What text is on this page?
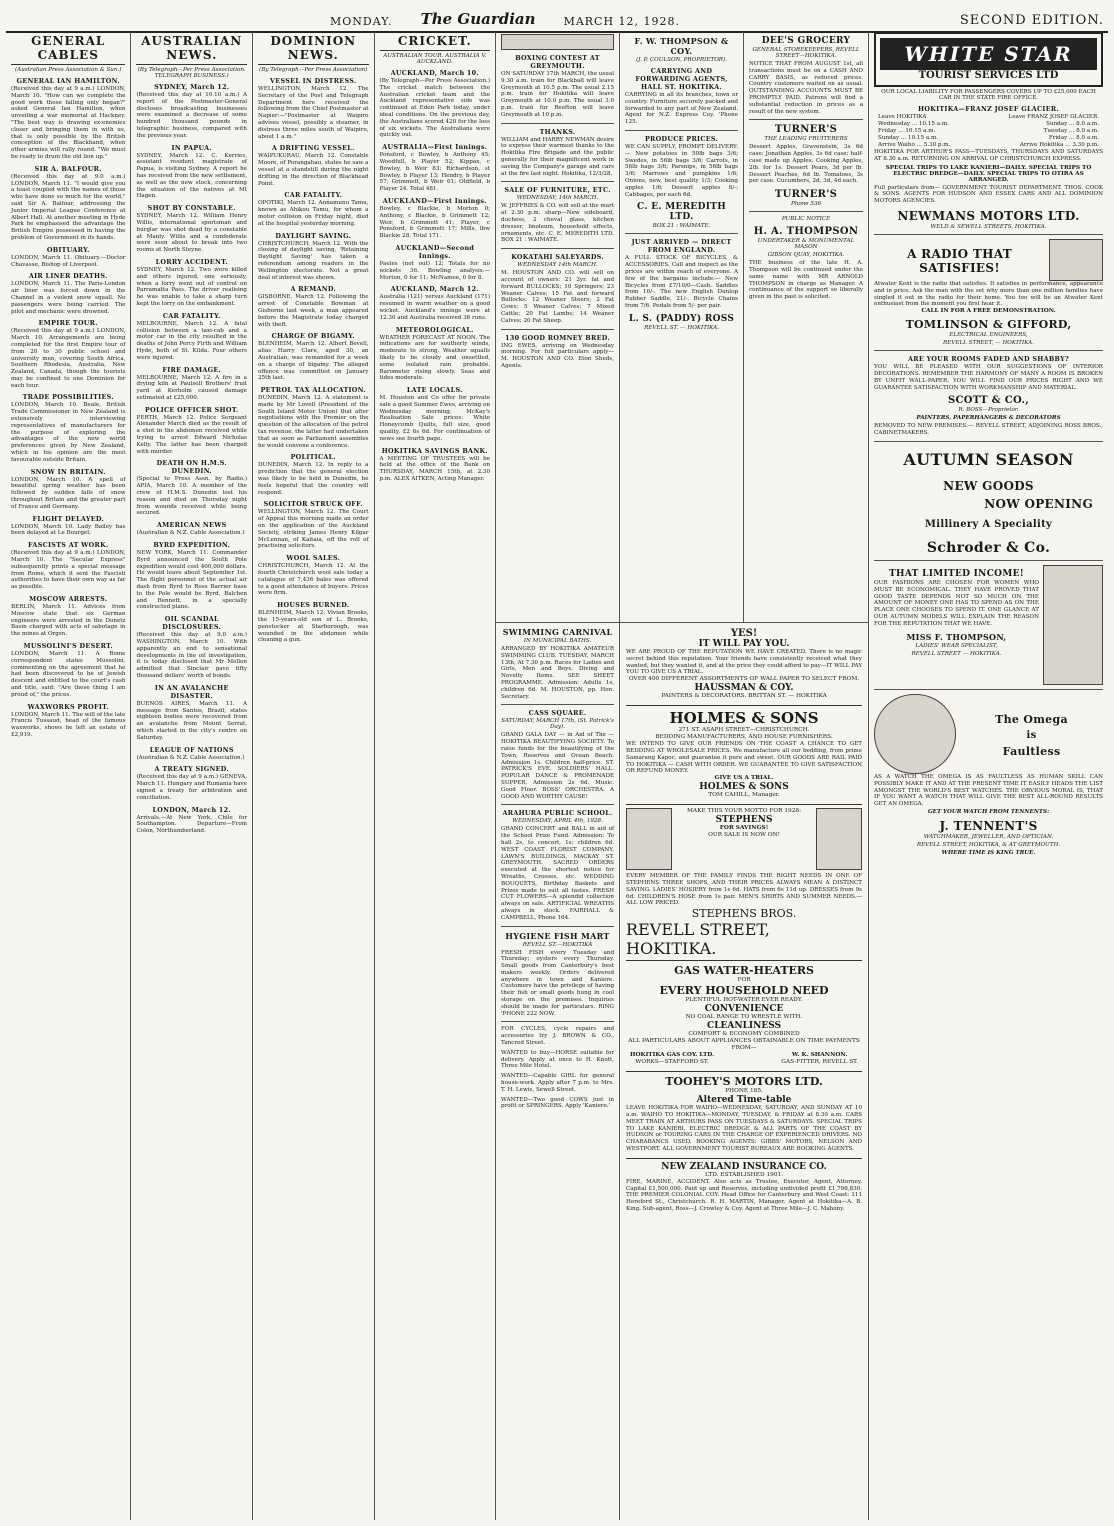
MONDAY. The Guardian	MARCH 12, 1928.	SECOND EDITION.
GENERAL CABLES
(Australian Press Association & Sun.)
GENERAL IAN HAMILTON.

(Received this day at 9 a.m.) LONDON, March 10. "How can we complete the good work those falling only began?" asked General Ian Hamilton, when unveiling a war memorial at Hackney. "The best way is drawing ex-enemies closer and bringing them in with us, that is only possible by the British conception of the Blackhand, when other armies will rally round. "We must be ready to drum the old lion up."

SIR A. BALFOUR.

(Received this day at 9.0 a.m.) LONDON, March 11. "I would give you a toast coupled with the names of those who have done so much for the world," said Sir A. Balfour, addressing the Junior Imperial League Conference at Albert Hall. At another meeting in Hyde Park he emphasised the advantage the British Empire possessed in having the problem of Government in its hands.

OBITUARY.

LONDON, March 11. Obituary.—Doctor Chavasse, Bishop of Liverpool.

AIR LINER DEATHS.

LONDON, March 11. The Paris-London air liner was forced down in the Channel in a violent snow squall. No passengers were being carried. The pilot and mechanic were drowned.

EMPIRE TOUR.

(Received this day at 9 a.m.) LONDON, March 10. Arrangements are being completed for the first Empire tour of from 20 to 30 public school and university men, covering South Africa, Southern Rhodesia, Australia, New Zealand, Canada, though the tourists may be confined to one Dominion for each tour.

TRADE POSSIBILITIES.

LONDON, March 10. Beale, British Trade Commissioner in New Zealand is extensively interviewing representatives of manufacturers for the purpose of exploring the advantages of the new world preferences given by New Zealand, which in his opinion are the most favourable outside Britain.

SNOW IN BRITAIN.

LONDON, March 10. A spell of beautiful spring weather has been followed by sudden falls of snow throughout Britain and the greater part of France and Germany.

FLIGHT DELAYED.

LONDON, March 10. Lady Bailey has been delayed at Le Bourget.

FASCISTS AT WORK.

(Received this day at 9 a.m.) LONDON, March 10. The "Secular Express" subsequently prints a special message from Rome, which it sent the Fascisti authorities to have their own way as far as possible.

MOSCOW ARRESTS.

BERLIN, March 11. Advices from Moscow state that six German engineers were arrested in the Donetz Basin charged with acts of sabotage in the mines at Orgsn.

MUSSOLINI'S DESERT.

LONDON, March 11. A Rome correspondent states Mussolini, commenting on the agreement that he had been discovered to be of Jewish descent and entitled to the court's cash and title, said: "Are these thing I am proud of," the prices.

WAXWORKS PROFIT.

LONDON, March 11. The will of the late Francis Tussaud, head of the famous waxworks, shows he left an estate of £2,919.

AUSTRALIAN NEWS.
(By Telegraph—Per Press Association. TELEGRAPH BUSINESS.)
SYDNEY, March 12.

(Received this day at 10.10 a.m.) A report of the Postmaster-General discloses broadcasting businesses were examined a decrease of some hundred thousand pounds in telegraphic business, compared with the previous year.

IN PAPUA.

SYDNEY, March 12. C. Kerries, assistant resident magistrate of Papua, is visiting Sydney. A report he has received from the new settlement, as well as the new stock, concerning the situation of the natives at Mt Hagen.

SHOT BY CONSTABLE.

SYDNEY, March 12. William Henry Willis, international sportsman and burglar was shot dead by a constable at Manly. Willis and a confederate were seen about to break into two rooms at North Steyne.

LORRY ACCIDENT.

SYDNEY, March 12. Two were killed and others injured, one seriously, when a lorry went out of control on Parramatta Pass. The driver realising he was unable to take a sharp turn kept the lorry on the embankment.

CAR FATALITY.

MELBOURNE, March 12. A fatal collision between a taxi-cab and a motor car in the city resulted in the deaths of John Percy Firth and William Hyde, both of St. Kilda. Four others were injured.

FIRE DAMAGE.

MELBOURNE, March 12. A fire in a drying kiln at Paulsell Brothers' fruit yard at Kerholm caused damage estimated at £25,000.

POLICE OFFICER SHOT.

PERTH, March 12. Police Sergeant Alexander March died as the result of a shot in the abdomen received while trying to arrest Edward Nicholas Kelly. The latter has been charged with murder.

DEATH ON H.M.S. DUNEDIN.

(Special to Press Assn. by Radio.) APIA, March 10. A member of the crew of H.M.S. Dunedin lost his reason and died on Thursday night from wounds received while being secured.

AMERICAN NEWS

(Australian & N.Z. Cable Association.)

BYRD EXPEDITION.

NEW YORK, March 11. Commander Byrd announced the South Pole expedition would cost 400,000 dollars. He would leave about September 1st. The flight personnel of the actual air dash from Byrd to Ross Barrier base to the Pole would be Byrd, Balchen and Bennett, in a specially constructed plane.

OIL SCANDAL DISCLOSURES.

(Received this day at 9.0 a.m.) WASHINGTON, March 10. With apparently an end to sensational developments in the oil investigation, it is today disclosed that Mr Mellon admitted that Sinclair gave fifty thousand dollars' worth of bonds.

IN AN AVALANCHE DISASTER.

BUENOS AIRES, March 11. A message from Santos, Brazil, states eighteen bodies were recovered from an avalanche from Mount Serrat, which started in the city's centre on Saturday.

LEAGUE OF NATIONS

(Australian & N.Z. Cable Association.)

A TREATY SIGNED.

(Received this day at 9 a.m.) GENEVA, March 11. Hungary and Rumania have signed a treaty for arbitration and conciliation.

LONDON, March 12.

Arrivals.—At New York, Chile for Southampton. Departure—From Colon, Northumberland.

DOMINION NEWS.
(By Telegraph—Per Press Association)
VESSEL IN DISTRESS.

WELLINGTON, March 12. The Secretary of the Post and Telegraph Department here received the following from the Chief Postmaster at Napier:—"Postmaster at Waipiro advises vessel, possibly a steamer, in distress three miles south of Waipiro, about 1 a.m."

A DRIFTING VESSEL.

WAIPUKURAU, March 12. Constable Moore, of Porangahau, states he saw a vessel at a standstill during the night drifting in the direction of Blackhead Point.

CAR FATALITY.

OPOTIKI, March 12. Annamunu Tamu, known as Ahikou Tamu, for whom a motor collision on Friday night, died at the hospital yesterday morning.

DAYLIGHT SAVING.

CHRISTCHURCH, March 12. With the closing of daylight saving, 'Retaining Daylight Saving' has taken a referendum among readers in the Wellington electorate. Not a great deal of interest was shown.

A REMAND.

GISBORNE, March 12. Following the arrest of Constable Bowman at Gisborne last week, a man appeared before the Magistrate today charged with theft.

CHARGE OF BIGAMY.

BLENHEIM, March 12. Albert Bevell, alias Harry Clare, aged 30, an Australian, was remanded for a week on a charge of bigamy. The alleged offence was committed on January 25th last.

PETROL TAX ALLOCATION.

DUNEDIN, March 12. A statement is made by Mr Lovell (President of the South Island Motor Union) that after negotiations with the Premier on the question of the allocation of the petrol tax revenue, the latter had undertaken that as soon as Parliament assembles he would convene a conference.

POLITICAL.

DUNEDIN, March 12. In reply to a prediction that the general election was likely to be held in Dunedin, he feels hopeful that the country will respond.

SOLICITOR STRUCK OFF.

WELLINGTON, March 12. The Court of Appeal this morning made an order on the application of the Auckland Society, striking James Henry Kilgar McLennan, of Kaitaia, off the roll of practising solicitors.

WOOL SALES.

CHRISTCHURCH, March 12. At the fourth Christchurch wool sale today a catalogue of 7,436 bales was offered to a good attendance of buyers. Prices were firm.

HOUSES BURNED.

BLENHEIM, March 12. Vivian Brooks, the 15-years-old son of L. Brooks, penstocker at Starborough, was wounded in the abdomen while cleaning a gun.

CRICKET.
AUSTRALIAN TOUR. AUSTRALIA V. AUCKLAND.
AUCKLAND, March 10.

(By Telegraph—Per Press Association.) The cricket match between the Australian cricket team and the Auckland representative side was continued at Eden Park today, under ideal conditions. On the previous day, the Australians scored 420 for the loss of six wickets. The Australians were quickly out.

AUSTRALIA—First Innings.

Ponsford, c Bowley, b Anthony 45; Woodfull, b Player 52; Kippax, c Bowley, b Weir 83; Richardson, st Bowley, b Player 13; Hendry, b Player 57; Grimmett, b Weir 61; Oldfield, b Player 24. Total 481.

AUCKLAND—First Innings.

Bowley, c Blackie, b Morton 0; Anthony, c Blackie, b Grimmett 12; Weir, b Grimmett 41; Player, c Ponsford, b Grimmett 17; Mills, lbw Blackie 28. Total 171.

AUCKLAND—Second Innings.

Paeles (not out) 12; Totals for no wickets 36. Bowling analysis.—Morton, 0 for 11; McNamee, 0 for 8.

AUCKLAND, March 12.

Australia (121) versus Auckland (171) resumed in warm weather on a good wicket. Auckland's innings were at 12.30 and Australia received 36 runs.

METEOROLOGICAL.

WEATHER FORECAST AT NOON. The indications are for southerly winds, moderate to strong. Weather squalls likely to be cloudy and unsettled, some isolated rain probable. Barometer rising slowly. Seas and tides moderate.

LATE LOCALS.

M. Houston and Co offer for private sale a good Summer Ewes, arriving on Wednesday morning. McKay's Realisation Sale prices: White Honeycomb Quilts, full size, good quality, £2 6s 6d. For continuation of news see fourth page.

HOKITIKA SAVINGS BANK.

A MEETING OF TRUSTEES will be held at the office of the Bank on THURSDAY, MARCH 15th, at 2.30 p.m. ALEX AITKEN, Acting Manager.

BOXING CONTEST AT GREYMOUTH.

ON SATURDAY 17th MARCH, the usual 9.30 a.m. train for Blackball will leave Greymouth at 10.5 p.m. The usual 2.15 p.m. train for Hokitika will leave Greymouth at 10.0 p.m. The usual 3.0 p.m. train for Reefton will leave Greymouth at 10 p.m.

THANKS.

WILLIAM and HARRY NEWMAN desire to express their warmest thanks to the Hokitika Fire Brigade and the public generally for their magnificent work in saving the Company's garage and cars at the fire last night. Hokitika, 12/3/28.

SALE OF FURNITURE, ETC.
WEDNESDAY, 14th MARCH.

W. JEFFRIES & CO. will sell at the mart at 2.30 p.m. sharp—New sideboard, duchess, 2 cheval glass, kitchen dresser, linoleum, household effects, ornaments, etc. C. E. MEREDITH LTD. BOX 21 : WAIMATE.

KOKATAHI SALEYARDS.
WEDNESDAY 14th MARCH.

M. HOUSTON AND CO. will sell on account of owners: 21 2yr. fat and forward BULLOCKS; 10 Springers; 23 Weaner Calves; 15 Fat and forward Bullocks; 12 Weaner Steers; 2 Fat Cows; 5 Weaner Calves; 7 Mixed Cattle; 20 Fat Lambs; 14 Weaner Calves; 20 Fat Sheep.

130 GOOD ROMNEY BRED.

ING EWES, arriving on Wednesday morning. For full particulars apply— M. HOUSTON AND CO. Eton Sheds, Agents.

F. W. THOMPSON & COY.
(J. P. COULSON, PROPRIETOR).
CARRYING AND FORWARDING AGENTS, HALL ST. HOKITIKA.

CARRYING in all its branches, town or country. Furniture securely packed and forwarded to any part of New Zealand. Agent for N.Z. Express Coy. 'Phone 125.

PRODUCE PRICES.

WE CAN SUPPLY, PROMPT DELIVERY:— New potatoes in 50lb bags 3/6; Swedes, in 56lb bags 3/6; Carrots, in 56lb bags 3/6; Parsnips, in 56lb bags 3/6; Marrows and pumpkins 1/6; Onions, new, best quality 1/3; Cooking apples 1/6; Dessert apples 8/-; Cabbages, per each 6d.

C. E. MEREDITH LTD.
BOX 21 : WAIMATE.
JUST ARRIVED — DIRECT FROM ENGLAND.

A FULL STOCK OF BICYCLES, & ACCESSORIES. Call and inspect as the prices are within reach of everyone. A few of the bargains include:— New Bicycles from £7/10/0—Cash. Saddles from 10/-. The new English Dunlop Rubber Saddle, 21/-. Bicycle Chains from 7/6. Pedals from 5/- per pair.

L. S. (PADDY) ROSS
REVELL ST. — HOKITIKA.
DEE'S GROCERY
GENERAL STOREKEEPERS, REVELL STREET—HOKITIKA.

NOTICE THAT FROM AUGUST 1st, all transactions must be on a CASH AND CARRY BASIS, as reduced prices. Country customers waited on as usual. OUTSTANDING ACCOUNTS MUST BE PROMPTLY PAID. Patrons will find a substantial reduction in prices as a result of the new system.

TURNER'S
THE LEADING FRUITERERS

Dessert Apples, Gravenstein, 3s 6d case; Jonathan Apples, 3s 6d case; half-case made up Apples. Cooking Apples, 2lb. for 1s. Dessert Pears, 3d per lb. Dessert Peaches, 6d lb. Tomatoes, 3s per case. Cucumbers, 2d, 3d, 4d each.

TURNER'S
Phone 536
PUBLIC NOTICE
H. A. THOMPSON
UNDERTAKER & MONUMENTAL MASON
GIBSON QUAY, HOKITIKA.

THE business of the late H. A. Thompson will be continued under the same name with MR ARNOLD THOMPSON in charge as Manager. A continuance of the support so liberally given in the past is solicited.

SWIMMING CARNIVAL
IN MUNICIPAL BATHS.

ARRANGED BY HOKITIKA AMATEUR SWIMMING CLUB. TUESDAY, MARCH 13th, At 7.30 p.m. Races for Ladies and Girls, Men and Boys. Diving and Novelty Items. SEE SHEET PROGRAMME. Admission: Adults 1s, children 6d. M. HOUSTON, pp. Hon. Secretary.

CASS SQUARE.
SATURDAY, MARCH 17th, (St. Patrick's Day).

GRAND GALA DAY — in Aid of The — HOKITIKA BEAUTIFYING SOCIETY. To raise funds for the beautifying of the Town, Reserves and Ocean Beach. Admission 1s. Children half-price. ST. PATRICK'S EVE. SOLDIERS' HALL. POPULAR DANCE & PROMENADE SUPPER. Admission 2s 6d. Music. Good Floor. BOSS' ORCHESTRA. A GOOD AND WORTHY CAUSE!

ARAHURA PUBLIC SCHOOL.
WEDNESDAY, APRIL 4th, 1928.

GRAND CONCERT and BALL in aid of the School Prize Fund. Admission: To hall 2s, to concert, 1s; children 6d. WEST COAST FLORIST COMPANY. LAWN'S BUILDINGS, MACKAY ST. GREYMOUTH. SACRED ORDERS executed at the shortest notice for Wreaths, Crosses, etc. WEDDING BOUQUETS, Birthday Baskets and Prizes made to suit all tastes. FRESH CUT FLOWERS—A splendid collection always on sale. ARTIFICIAL WREATHS always in stock. FAIRHALL & CAMPBELL, Phone 164.

HYGIENE FISH MART
REVELL ST.—HOKITIKA

FRESH FISH every Tuesday and Thursday; oysters every Thursday. Small goods from Canterbury's best makers weekly. Orders delivered anywhere in town and Kaniere. Customers have the privilege of having their fish or small goods hung in cool storage on the premises. Inquiries should be made for particulars. RING 'PHONE 222 NOW.

FOR CYCLES, cycle repairs and accessories try J. BROWN & CO., Tancred Street.

WANTED to buy—HORSE suitable for delivery. Apply at once to H. Knott, Three Mile Hotel.

WANTED—Capable GIRL for general house-work. Apply after 7 p.m. to Mrs. T. H. Lewis, Sewell Street.

WANTED—Two good COWS just in profit or SPRINGERS. Apply 'Kaniere.'

YES!
IT WILL PAY YOU.

WE ARE PROUD OF THE REPUTATION WE HAVE CREATED. There is no magic secret behind this reputation. Your friends have consistently received what they wanted, but they wanted it, and at the price they could afford to pay—IT WILL PAY YOU TO GIVE US A TRIAL.

OVER 400 DIFFERENT ASSORTMENTS OF WALL PAPER TO SELECT FROM.
HAUSSMAN & COY.
PAINTERS & DECORATORS. BRITTAN ST. — HOKITIKA
HOLMES & SONS
271 ST. ASAPH STREET—CHRISTCHURCH.
BEDDING MANUFACTURERS, AND HOUSE FURNISHERS.

WE INTEND TO GIVE OUR FRIENDS ON THE COAST A CHANCE TO GET BEDDING AT WHOLESALE PRICES. We manufacture all our bedding, from prime Samarang Kapoc, and guarantee it pure and sweet. OUR GOODS ARE RAIL PAID TO HOKITIKA — CASH WITH ORDER. WE GUARANTEE TO GIVE SATISFACTION OR REFUND MONEY.

GIVE US A TRIAL.
HOLMES & SONS
TOM CAHILL, Manager.
MAKE THIS YOUR MOTTO FOR 1928:
STEPHENS
FOR SAVINGS!
OUR SALE IS NOW ON!

EVERY MEMBER OF THE FAMILY FINDS THE RIGHT NEEDS IN ONE OF STEPHENS THREE SHOPS, AND THEIR PRICES ALWAYS MEAN A DISTINCT SAVING. LADIES' HOSIERY from 1s 6d. HATS from 6s 11d up. DRESSES from 9s 6d. CHILDREN'S HOSE from 1s pair. MEN'S SHIRTS AND SUMMER NEEDS.—ALL LOW PRICED.

STEPHENS BROS.
REVELL STREET, HOKITIKA.
GAS WATER-HEATERS
FOR
EVERY HOUSEHOLD NEED
PLENTIFUL HOT-WATER EVER READY.
CONVENIENCE
NO COAL RANGE TO WRESTLE WITH.
CLEANLINESS
COMFORT & ECONOMY COMBINED
ALL PARTICULARS ABOUT APPLIANCES OBTAINABLE ON TIME PAYMENTS FROM—
HOKITIKA GAS COY. LTD.
WORKS—STAFFORD ST.
W. K. SHANNON.
GAS-FITTER, REVELL ST.
TOOHEY'S MOTORS LTD.
PHONE 185.
Altered Time-table

LEAVE HOKITIKA FOR WAIHO—WEDNESDAY, SATURDAY, AND SUNDAY AT 10 a.m. WAIHO TO HOKITIKA—MONDAY, TUESDAY, & FRIDAY at 8.30 a.m. CARS MEET TRAIN AT ARTHURS PASS ON TUESDAYS & SATURDAYS. SPECIAL TRIPS TO LAKE KANIERI, ELECTRIC DREDGE & ALL PARTS OF THE COAST BY HUDSON or TOURING CARS IN THE CHARGE OF EXPERIENCED DRIVERS. NO CHARABANCS USED. BOOKING AGENTS: GIBBS' MOTORS, NELSON AND WESTPORT. ALL GOVERNMENT TOURIST BUREAUX ARE BOOKING AGENTS.

NEW ZEALAND INSURANCE CO.
LTD. ESTABLISHED 1901.

FIRE, MARINE, ACCIDENT. Also acts as Trustee, Executor, Agent, Attorney. Capital £1,500,000. Paid up and Reserves, including undivided profit £1,798,830. THE PREMIER COLONIAL COY. Head Office for Canterbury and West Coast: 111 Hereford St., Christchurch. R. H. MARTIN, Manager. Agent at Hokitika—A. B. King. Sub-agent, Ross—J. Crowley & Coy. Agent at Three Mile—J. C. Mahony.

WHITE STAR
TOURIST SERVICES LTD
OUR LOCAL LIABILITY FOR PASSENGERS COVERS UP TO £25,000 EACH CAR IN THE STATE FIRE OFFICE.
HOKITIKA—FRANZ JOSEF GLACIER.
Leave HOKITIKA	Leave FRANZ JOSEF GLACIER.
Wednesday ... 10.15 a.m.	Sunday ... 8.0 a.m.
Friday ... 10.15 a.m.	Tuesday ... 8.0 a.m.
Sunday ... 10.15 a.m.	Friday ... 8.0 a.m.
Arrive Waiho ... 5.30 p.m.	Arrive Hokitika ... 3.30 p.m.

HOKITIKA FOR ARTHUR'S PASS—TUESDAYS, THURSDAYS AND SATURDAYS AT 8.30 a.m. RETURNING ON ARRIVAL OF CHRISTCHURCH EXPRESS.

SPECIAL TRIPS TO LAKE KANIERI—DAILY. SPECIAL TRIPS TO ELECTRIC DREDGE—DAILY. SPECIAL TRIPS TO OTIRA AS ARRANGED.

Full particulars from— GOVERNMENT TOURIST DEPARTMENT. THOS. COOK & SONS. AGENTS FOR HUDSON AND ESSEX CARS AND ALL DOMINION MOTORS AGENCIES.

NEWMANS MOTORS LTD.
WELD & SEWELL STREETS, HOKITIKA.
A RADIO THAT SATISFIES!

Atwater Kent is the radio that satisfies. It satisfies in performance, appearance and in price. Ask the man with the set why more than one million families have singled it out in the radio for their home. You too will be an Atwater Kent enthusiast from the moment you first hear it.

CALL IN FOR A FREE DEMONSTRATION.
TOMLINSON & GIFFORD,
ELECTRICAL ENGINEERS,
REVELL STREET, — HOKITIKA.
ARE YOUR ROOMS FADED AND SHABBY?

YOU WILL BE PLEASED WITH OUR SUGGESTIONS OF INTERIOR DECORATIONS. REMEMBER THE HARMONY OF MANY A ROOM IS BROKEN BY UNFIT WALL-PAPER. YOU WILL FIND OUR PRICES RIGHT AND WE GUARANTEE SATISFACTION WITH WORKMANSHIP AND MATERIAL.

SCOTT & CO.,
R. BOSS—Proprietor.
PAINTERS, PAPERHANGERS & DECORATORS

REMOVED TO NEW PREMISES:— REVELL STREET, ADJOINING ROSS BROS., CABINETMAKERS.

AUTUMN SEASON
NEW GOODS
NOW OPENING
Millinery A Speciality
Schroder & Co.
THAT LIMITED INCOME!

OUR FASHIONS ARE CHOSEN FOR WOMEN WHO MUST BE ECONOMICAL. THEY HAVE PROVED THAT GOOD TASTE DEPENDS NOT SO MUCH ON THE AMOUNT OF MONEY ONE HAS TO SPEND AS ON THE PLACE ONE CHOOSES TO SPEND IT. ONE GLANCE AT OUR AUTUMN MODELS WILL EXPLAIN THE REASON FOR THE REPUTATION THAT WE HAVE.

MISS F. THOMPSON,
LADIES' WEAR SPECIALIST,
REVELL STREET — HOKITIKA.
The Omega
is
Faultless

AS A WATCH THE OMEGA IS AS FAULTLESS AS HUMAN SKILL CAN POSSIBLY MAKE IT AND AT THE PRESENT TIME IT EASILY HEADS THE LIST AMONGST THE WORLD'S BEST WATCHES. THE OBVIOUS MORAL IS, THAT IF YOU WANT A WATCH THAT WILL GIVE THE BEST ALL-ROUND RESULTS GET AN OMEGA.

GET YOUR WATCH FROM TENNENTS:
J. TENNENT'S
WATCHMAKER, JEWELLER, AND OPTICIAN.
REVELL STREET, HOKITIKA, & AT GREYMOUTH.
WHERE TIME IS KING TRUE.
